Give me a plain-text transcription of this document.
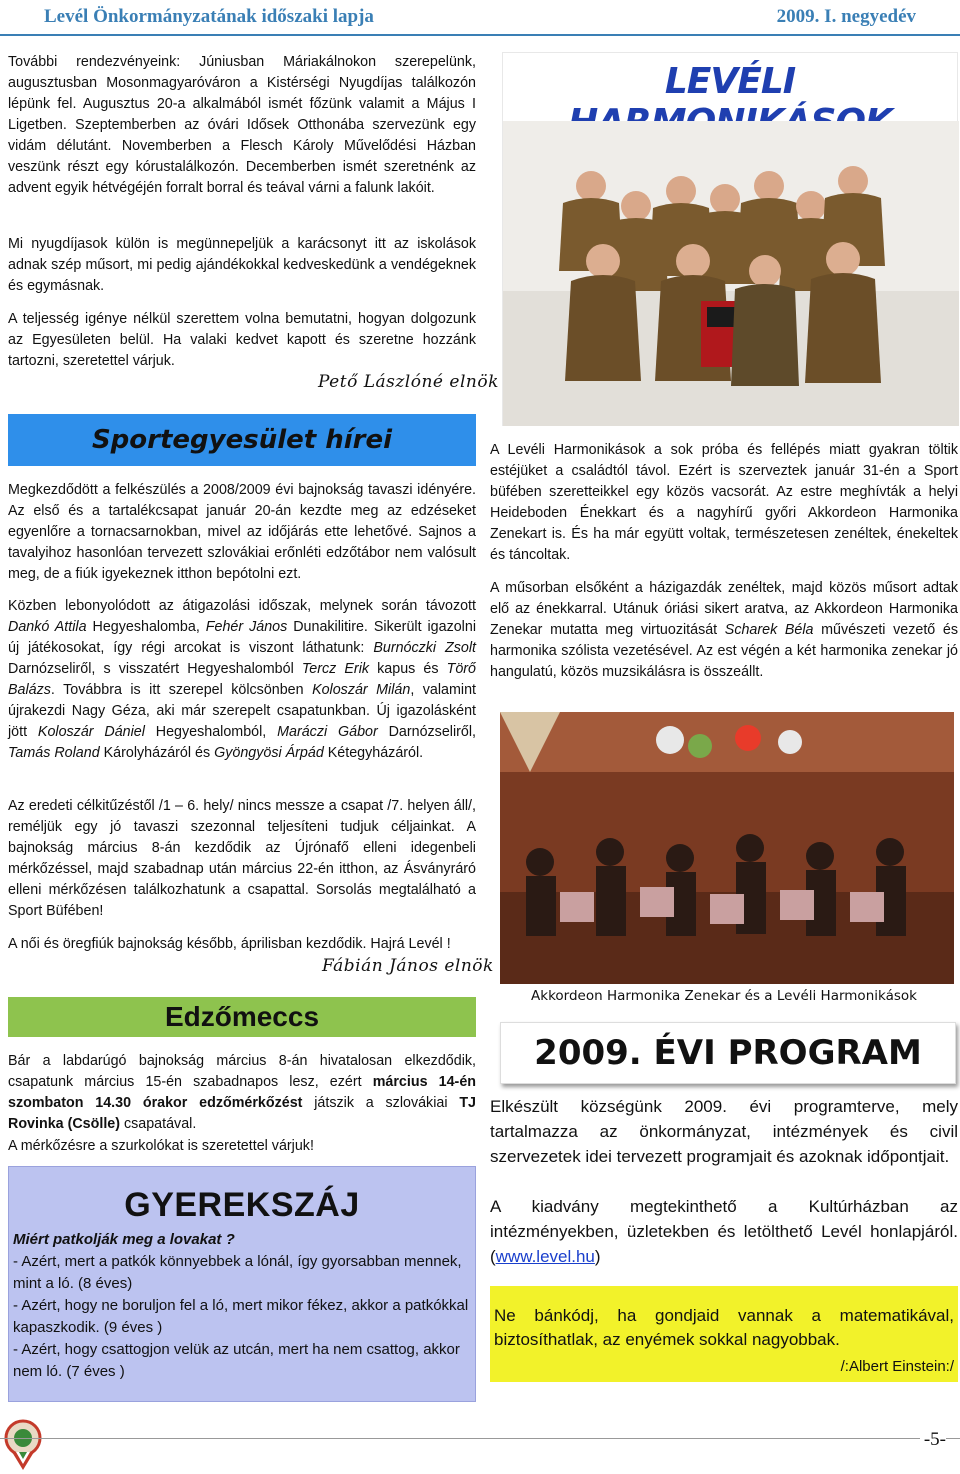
Levél Önkormányzatának időszaki lapja	2009. I. negyedév
További rendezvényeink: Júniusban Máriakálnokon szerepelünk, augusztusban Mosonmagyaróváron a Kistérségi Nyugdíjas találkozón lépünk fel. Augusztus 20-a alkalmából ismét főzünk valamit a Május I Ligetben. Szeptemberben az óvári Idősek Otthonába szervezünk egy vidám délutánt. Novemberben a Flesch Károly Művelődési Házban veszünk részt egy kórustalálkozón. Decemberben ismét szeretnénk az advent egyik hétvégéjén forralt borral és teával várni a falunk lakóit.
Mi nyugdíjasok külön is megünnepeljük a karácsonyt itt az iskolások adnak szép műsort, mi pedig ajándékokkal kedveskedünk a vendégeknek és egymásnak.
A teljesség igénye nélkül szerettem volna bemutatni, hogyan dolgozunk az Egyesületen belül. Ha valaki kedvet kapott és szeretne hozzánk tartozni, szeretettel várjuk.
Pető Lászlóné elnök
Sportegyesület hírei
Megkezdődött a felkészülés a 2008/2009 évi bajnokság tavaszi idényére. Az első és a tartalékcsapat január 20-án kezdte meg az edzéseket egyenlőre a tornacsarnokban, mivel az időjárás ette lehetővé. Sajnos a tavalyihoz hasonlóan tervezett szlovákiai erőnléti edzőtábor nem valósult meg, de a fiúk igyekeznek itthon bepótolni ezt.
Közben lebonyolódott az átigazolási időszak, melynek során távozott Dankó Attila Hegyeshalomba, Fehér János Dunakilitire. Sikerült igazolni új játékosokat, így régi arcokat is viszont láthatunk: Burnóczki Zsolt Darnózseliről, s visszatért Hegyeshalomból Tercz Erik kapus és Törő Balázs. Továbbra is itt szerepel kölcsönben Koloszár Milán, valamint újrakezdi Nagy Géza, aki már szerepelt csapatunkban. Új igazolásként jött Koloszár Dániel Hegyeshalomból, Maráczi Gábor Darnózseliről, Tamás Roland Károlyházáról és Gyöngyösi Árpád Kétegyházáról.
Az eredeti célkitűzéstől /1 – 6. hely/ nincs messze a csapat /7. helyen áll/, reméljük egy jó tavaszi szezonnal teljesíteni tudjuk céljainkat. A bajnokság március 8-án kezdődik az Újrónafő elleni idegenbeli mérkőzéssel, majd szabadnap után március 22-én itthon, az Ásványráró elleni mérkőzésen találkozhatunk a csapattal. Sorsolás megtalálható a Sport Büfében!
A női és öregfiúk bajnokság később, áprilisban kezdődik. Hajrá Levél !
Fábián János elnök
Edzőmeccs
Bár a labdarúgó bajnokság március 8-án hivatalosan elkezdődik, csapatunk március 15-én szabadnapos lesz, ezért március 14-én szombaton 14.30 órakor edzőmérkőzést játszik a szlovákiai TJ Rovinka (Csölle) csapatával.
A mérkőzésre a szurkolókat is szeretettel várjuk!
GYEREKSZÁJ
Miért patkolják meg a lovakat ?
- Azért, mert a patkók könnyebbek a lónál, így gyorsabban mennek, mint a ló. (8 éves)
- Azért, hogy ne boruljon fel a ló, mert mikor fékez, akkor a patkókkal kapaszkodik. (9 éves )
- Azért, hogy csattogjon velük az utcán, mert ha nem csattog, akkor nem ló. (7 éves )
LEVÉLI
A Levéli Harmonikások a sok próba és fellépés miatt gyakran töltik estéjüket a családtól távol. Ezért is szerveztek január 31-én a Sport büfében szeretteikkel egy közös vacsorát. Az estre meghívták a helyi Heideboden Énekkart és a nagyhírű győri Akkordeon Harmonika Zenekart is. És ha már együtt voltak, természetesen zenéltek, énekeltek és táncoltak.
A műsorban elsőként a házigazdák zenéltek, majd közös műsort adtak elő az énekkarral. Utánuk óriási sikert aratva, az Akkordeon Harmonika Zenekar mutatta meg virtuozitását Scharek Béla művészeti vezető és harmonika szólista vezetésével. Az est végén a két harmonika zenekar jó hangulatú, közös muzsikálásra is összeállt.
Akkordeon Harmonika Zenekar és a Levéli Harmonikások
2009. ÉVI PROGRAM
Elkészült községünk 2009. évi programterve, mely tartalmazza az önkormányzat, intézmények és civil szervezetek idei tervezett programjait és azoknak időpontjait.
A kiadvány megtekinthető a Kultúrházban az intézményekben, üzletekben és letölthető Levél honlapjáról. (www.level.hu)
Ne bánkódj, ha gondjaid vannak a matematikával, biztosíthatlak, az enyémek sokkal nagyobbak.
/:Albert Einstein:/
-5-
